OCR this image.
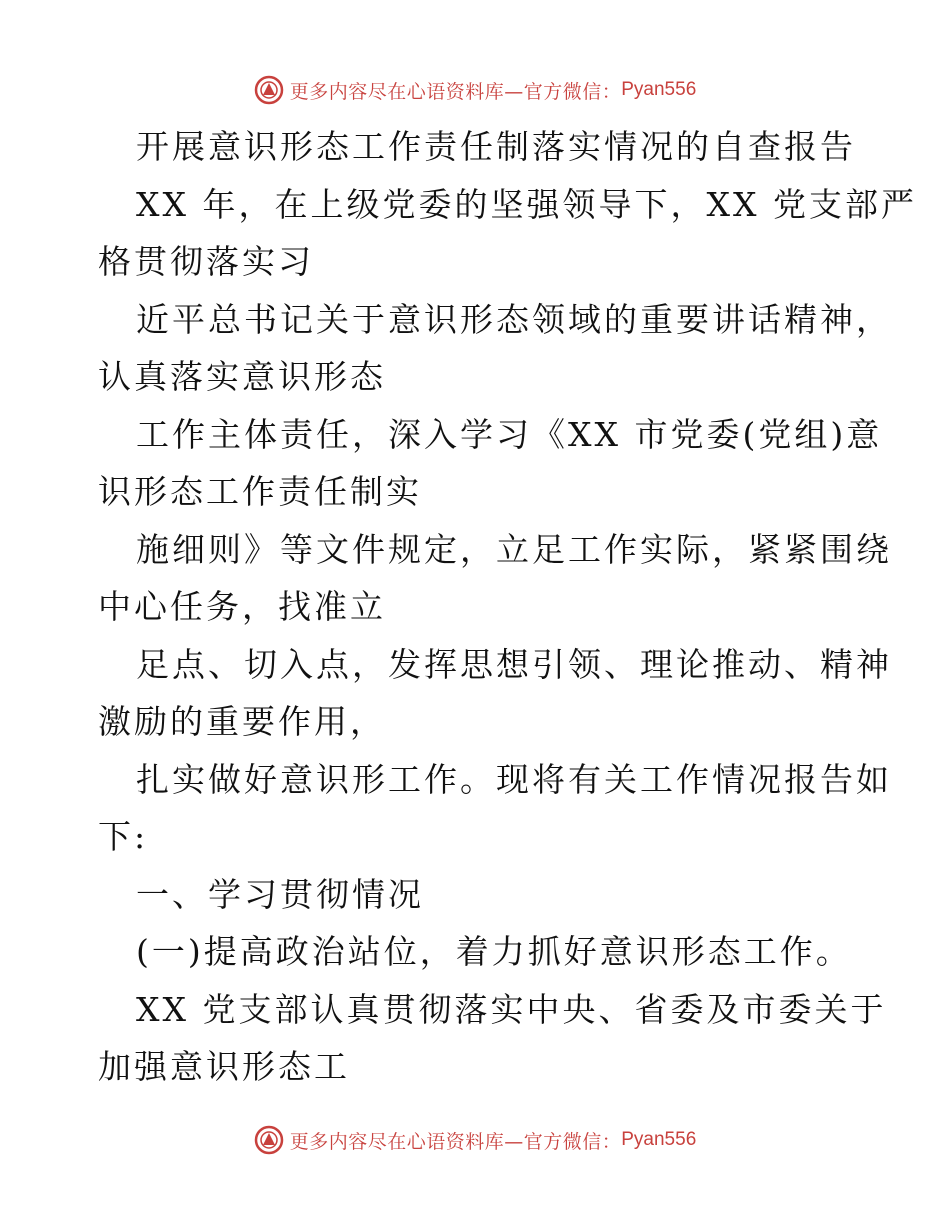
更多内容尽在心语资料库—官方微信： Pyan556

开展意识形态工作责任制落实情况的自查报告

XX 年，在上级党委的坚强领导下，XX 党支部严

格贯彻落实习

近平总书记关于意识形态领域的重要讲话精神，

认真落实意识形态

工作主体责任，深入学习《XX 市党委(党组)意

识形态工作责任制实

施细则》等文件规定，立足工作实际，紧紧围绕

中心任务，找准立

足点、切入点，发挥思想引领、理论推动、精神

激励的重要作用，

扎实做好意识形工作。现将有关工作情况报告如

下:

一、学习贯彻情况

(一)提高政治站位，着力抓好意识形态工作。

XX 党支部认真贯彻落实中央、省委及市委关于

加强意识形态工

更多内容尽在心语资料库—官方微信： Pyan556
